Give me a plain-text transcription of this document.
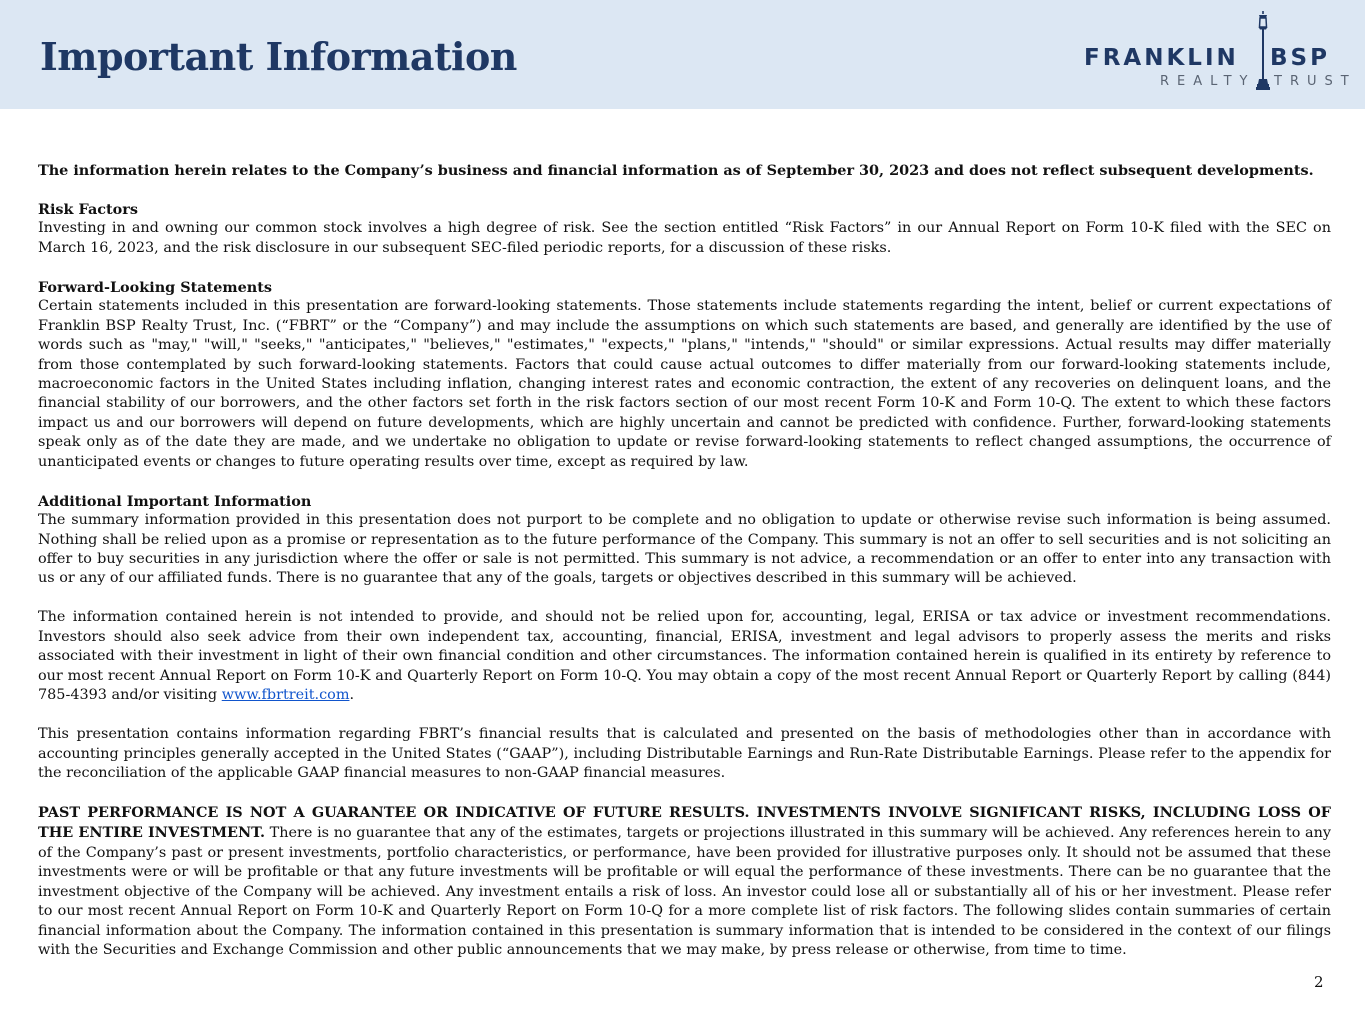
Important Information	FRANKLIN BSP
REALTY TRUST

The information herein relates to the Company’s business and financial information as of September 30, 2023 and does not reflect subsequent developments.

Risk Factors
Investing in and owning our common stock involves a high degree of risk. See the section entitled “Risk Factors” in our Annual Report on Form 10-K filed with the SEC on March 16, 2023, and the risk disclosure in our subsequent SEC-filed periodic reports, for a discussion of these risks.

Forward-Looking Statements
Certain statements included in this presentation are forward-looking statements. Those statements include statements regarding the intent, belief or current expectations of Franklin BSP Realty Trust, Inc. (“FBRT” or the “Company”) and may include the assumptions on which such statements are based, and generally are identified by the use of words such as "may," "will," "seeks," "anticipates," "believes," "estimates," "expects," "plans," "intends," "should" or similar expressions. Actual results may differ materially from those contemplated by such forward-looking statements. Factors that could cause actual outcomes to differ materially from our forward-looking statements include, macroeconomic factors in the United States including inflation, changing interest rates and economic contraction, the extent of any recoveries on delinquent loans, and the financial stability of our borrowers, and the other factors set forth in the risk factors section of our most recent Form 10-K and Form 10-Q. The extent to which these factors impact us and our borrowers will depend on future developments, which are highly uncertain and cannot be predicted with confidence. Further, forward-looking statements speak only as of the date they are made, and we undertake no obligation to update or revise forward-looking statements to reflect changed assumptions, the occurrence of unanticipated events or changes to future operating results over time, except as required by law.

Additional Important Information
The summary information provided in this presentation does not purport to be complete and no obligation to update or otherwise revise such information is being assumed. Nothing shall be relied upon as a promise or representation as to the future performance of the Company. This summary is not an offer to sell securities and is not soliciting an offer to buy securities in any jurisdiction where the offer or sale is not permitted. This summary is not advice, a recommendation or an offer to enter into any transaction with us or any of our affiliated funds. There is no guarantee that any of the goals, targets or objectives described in this summary will be achieved.

The information contained herein is not intended to provide, and should not be relied upon for, accounting, legal, ERISA or tax advice or investment recommendations. Investors should also seek advice from their own independent tax, accounting, financial, ERISA, investment and legal advisors to properly assess the merits and risks associated with their investment in light of their own financial condition and other circumstances. The information contained herein is qualified in its entirety by reference to our most recent Annual Report on Form 10-K and Quarterly Report on Form 10-Q. You may obtain a copy of the most recent Annual Report or Quarterly Report by calling (844) 785-4393 and/or visiting www.fbrtreit.com.

This presentation contains information regarding FBRT’s financial results that is calculated and presented on the basis of methodologies other than in accordance with accounting principles generally accepted in the United States (“GAAP”), including Distributable Earnings and Run-Rate Distributable Earnings. Please refer to the appendix for the reconciliation of the applicable GAAP financial measures to non-GAAP financial measures.

PAST PERFORMANCE IS NOT A GUARANTEE OR INDICATIVE OF FUTURE RESULTS. INVESTMENTS INVOLVE SIGNIFICANT RISKS, INCLUDING LOSS OF THE ENTIRE INVESTMENT. There is no guarantee that any of the estimates, targets or projections illustrated in this summary will be achieved. Any references herein to any of the Company’s past or present investments, portfolio characteristics, or performance, have been provided for illustrative purposes only. It should not be assumed that these investments were or will be profitable or that any future investments will be profitable or will equal the performance of these investments. There can be no guarantee that the investment objective of the Company will be achieved. Any investment entails a risk of loss. An investor could lose all or substantially all of his or her investment. Please refer to our most recent Annual Report on Form 10-K and Quarterly Report on Form 10-Q for a more complete list of risk factors. The following slides contain summaries of certain financial information about the Company. The information contained in this presentation is summary information that is intended to be considered in the context of our filings with the Securities and Exchange Commission and other public announcements that we may make, by press release or otherwise, from time to time.

2
